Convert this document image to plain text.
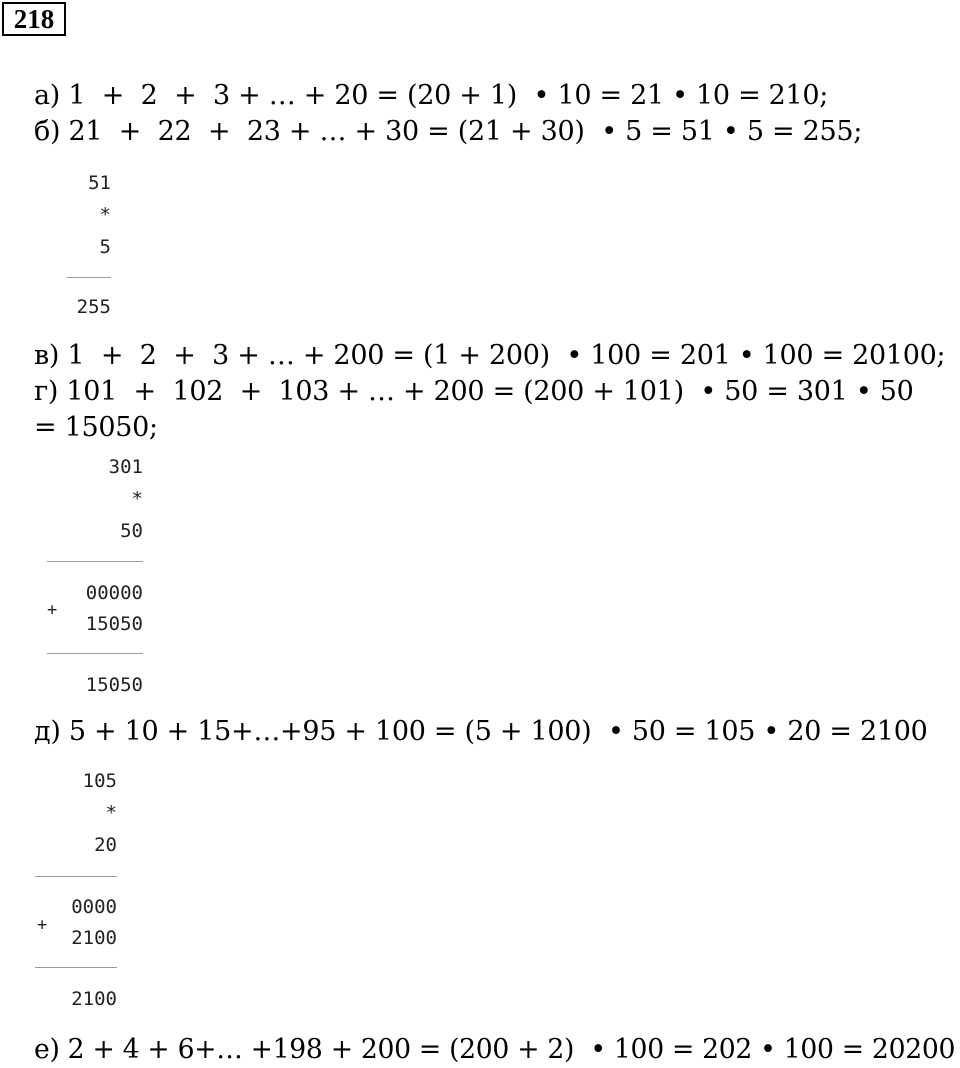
218
а) 1  +  2  +  3 + … + 20 = (20 + 1)  • 10 = 21 • 10 = 210;
б) 21  +  22  +  23 + … + 30 = (21 + 30)  • 5 = 51 • 5 = 255;

51

*

5

255

в) 1  +  2  +  3 + … + 200 = (1 + 200)  • 100 = 201 • 100 = 20100;
г) 101  +  102  +  103 + … + 200 = (200 + 101)  • 50 = 301 • 50
= 15050;

301

*

50

+

00000

15050

15050

д) 5 + 10 + 15+…+95 + 100 = (5 + 100)  • 50 = 105 • 20 = 2100

105

*

20

+

0000

2100

2100

е) 2 + 4 + 6+… +198 + 200 = (200 + 2)  • 100 = 202 • 100 = 20200
